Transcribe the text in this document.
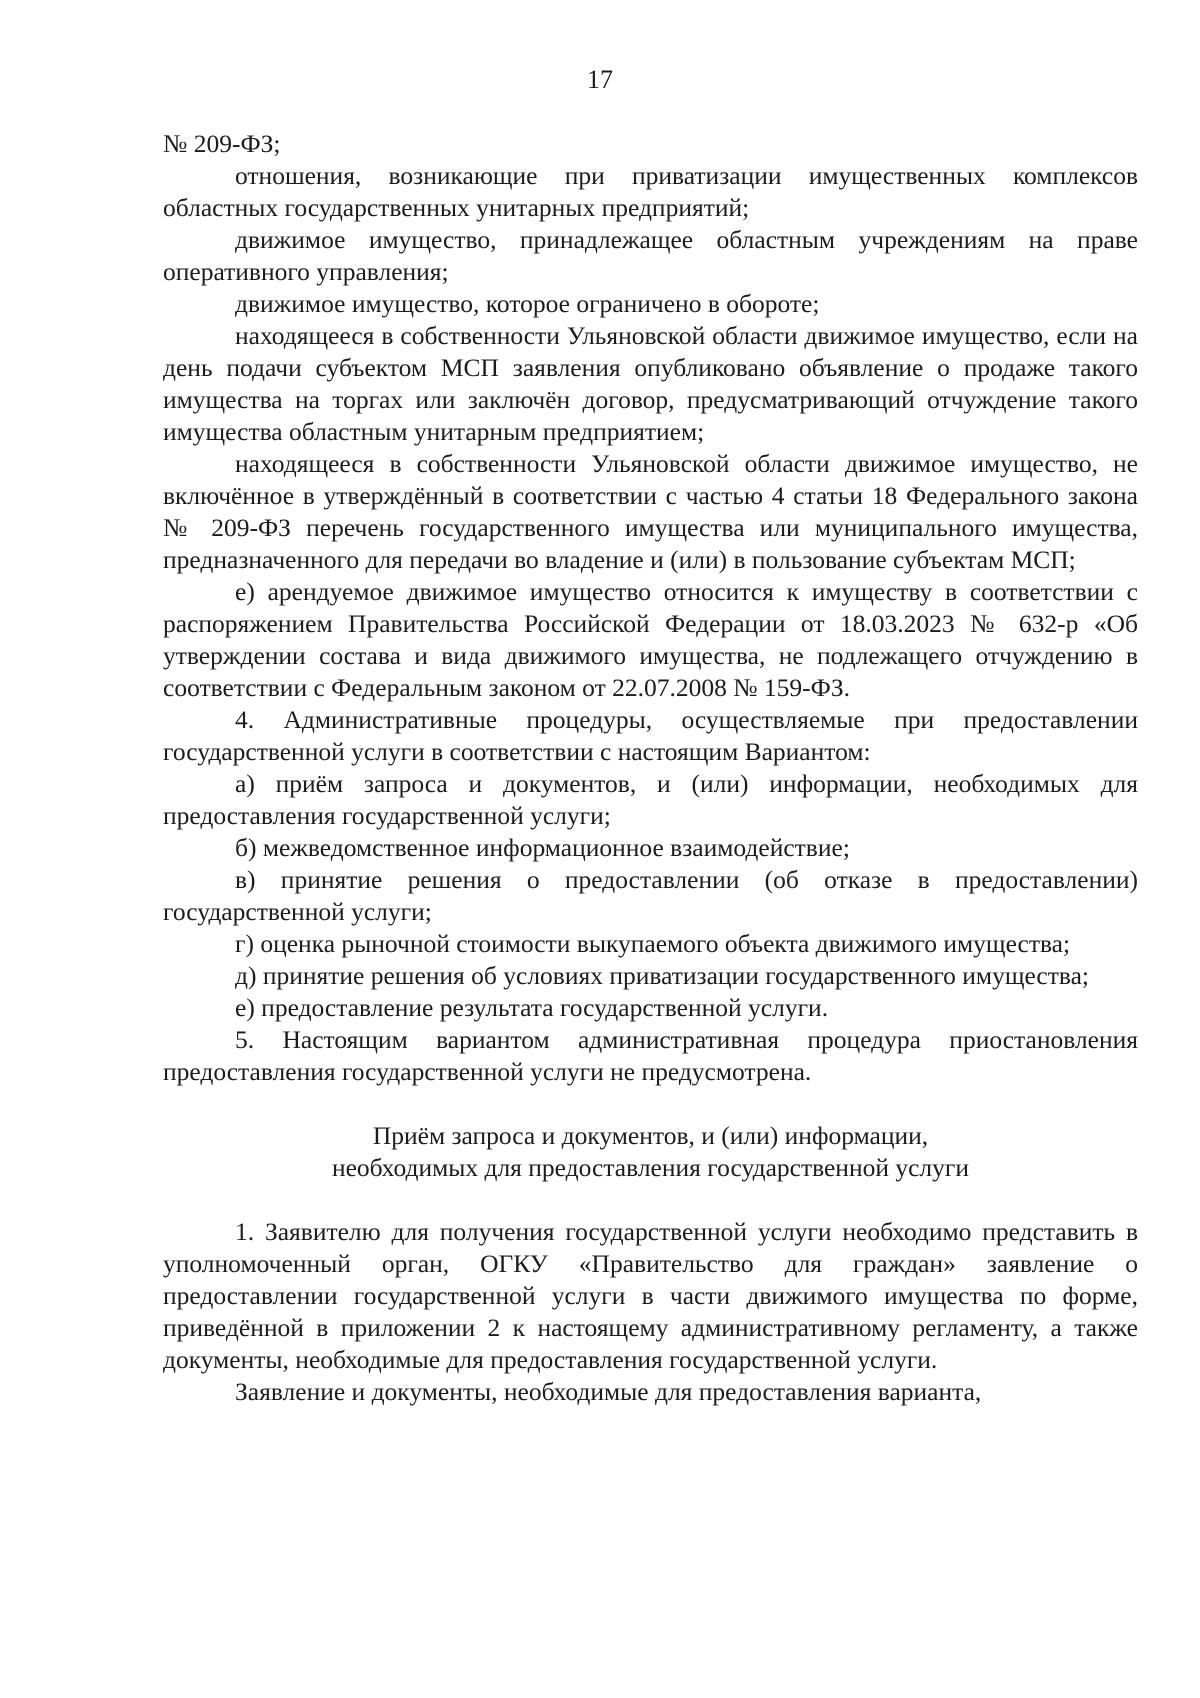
17

№ 209-ФЗ;

отношения, возникающие при приватизации имущественных комплексов областных государственных унитарных предприятий;

движимое имущество, принадлежащее областным учреждениям на праве оперативного управления;

движимое имущество, которое ограничено в обороте;

находящееся в собственности Ульяновской области движимое имущество, если на день подачи субъектом МСП заявления опубликовано объявление о продаже такого имущества на торгах или заключён договор, предусматривающий отчуждение такого имущества областным унитарным предприятием;

находящееся в собственности Ульяновской области движимое имущество, не включённое в утверждённый в соответствии с частью 4 статьи 18 Федерального закона № 209-ФЗ перечень государственного имущества или муниципального имущества, предназначенного для передачи во владение и (или) в пользование субъектам МСП;

е) арендуемое движимое имущество относится к имуществу в соответствии с распоряжением Правительства Российской Федерации от 18.03.2023 № 632-р «Об утверждении состава и вида движимого имущества, не подлежащего отчуждению в соответствии с Федеральным законом от 22.07.2008 № 159-ФЗ.

4. Административные процедуры, осуществляемые при предоставлении государственной услуги в соответствии с настоящим Вариантом:

а) приём запроса и документов, и (или) информации, необходимых для предоставления государственной услуги;

б) межведомственное информационное взаимодействие;

в) принятие решения о предоставлении (об отказе в предоставлении) государственной услуги;

г) оценка рыночной стоимости выкупаемого объекта движимого имущества;

д) принятие решения об условиях приватизации государственного имущества;

е) предоставление результата государственной услуги.

5. Настоящим вариантом административная процедура приостановления предоставления государственной услуги не предусмотрена.

Приём запроса и документов, и (или) информации,
необходимых для предоставления государственной услуги

1. Заявителю для получения государственной услуги необходимо представить в уполномоченный орган, ОГКУ «Правительство для граждан» заявление о предоставлении государственной услуги в части движимого имущества по форме, приведённой в приложении 2 к настоящему административному регламенту, а также документы, необходимые для предоставления государственной услуги.

Заявление и документы, необходимые для предоставления варианта,
